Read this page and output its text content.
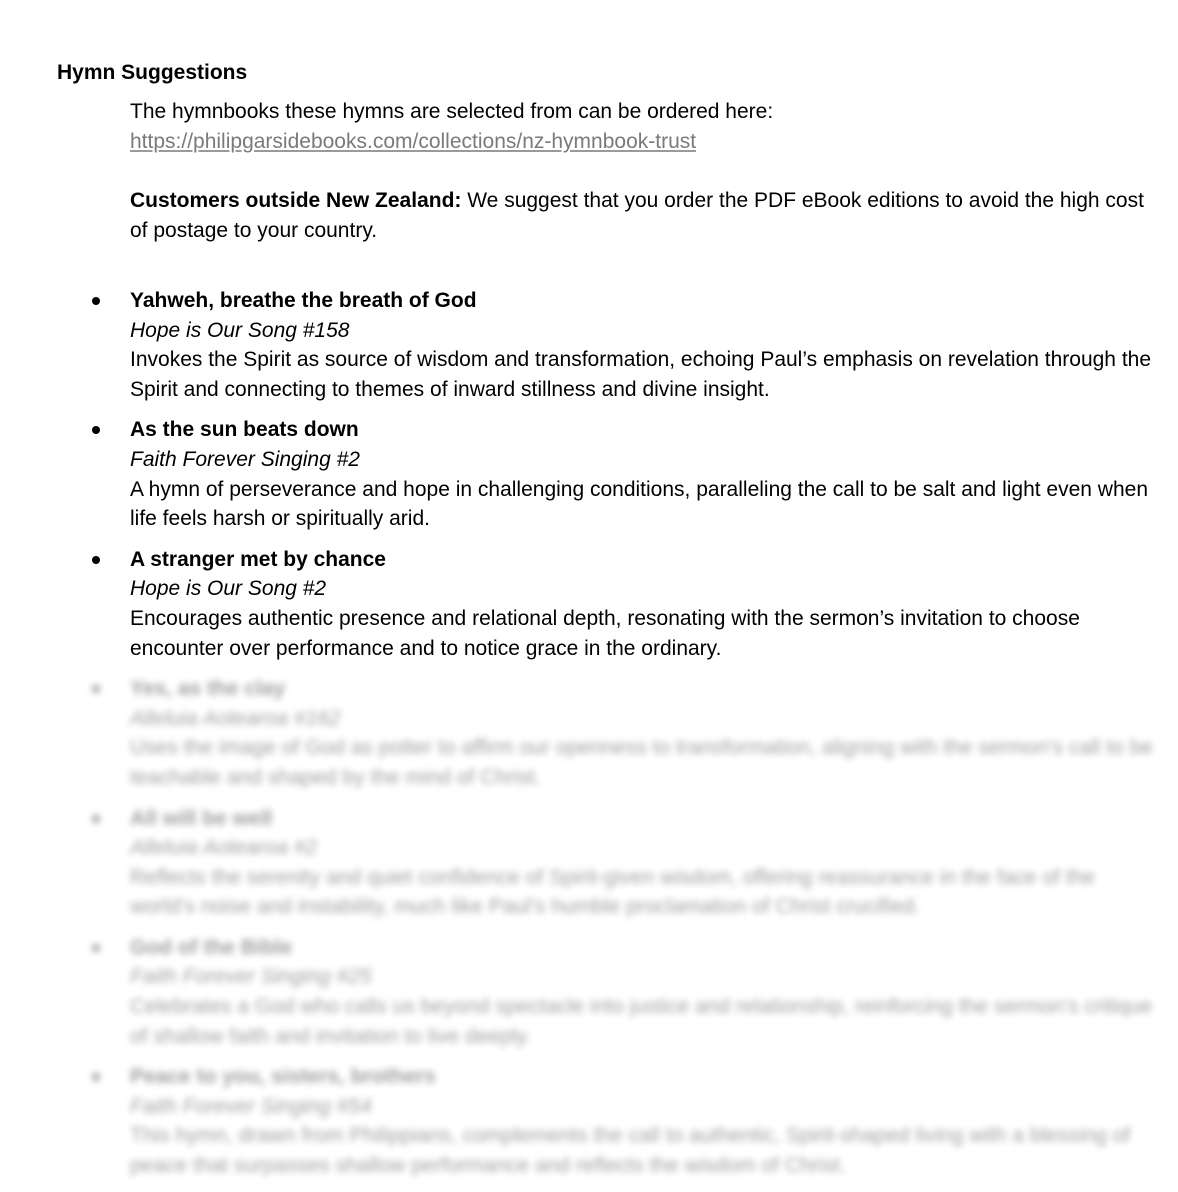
Hymn Suggestions

The hymnbooks these hymns are selected from can be ordered here:

https://philipgarsidebooks.com/collections/nz-hymnbook-trust

Customers outside New Zealand: We suggest that you order the PDF eBook editions to avoid the high cost of postage to your country.

Yahweh, breathe the breath of God
Hope is Our Song #158
Invokes the Spirit as source of wisdom and transformation, echoing Paul’s emphasis on revelation through the Spirit and connecting to themes of inward stillness and divine insight.
As the sun beats down
Faith Forever Singing #2
A hymn of perseverance and hope in challenging conditions, paralleling the call to be salt and light even when life feels harsh or spiritually arid.
A stranger met by chance
Hope is Our Song #2
Encourages authentic presence and relational depth, resonating with the sermon’s invitation to choose encounter over performance and to notice grace in the ordinary.
Yes, as the clay
Alleluia Aotearoa #162
Uses the image of God as potter to affirm our openness to transformation, aligning with the sermon’s call to be teachable and shaped by the mind of Christ.
All will be well
Alleluia Aotearoa #2
Reflects the serenity and quiet confidence of Spirit-given wisdom, offering reassurance in the face of the world’s noise and instability, much like Paul’s humble proclamation of Christ crucified.
God of the Bible
Faith Forever Singing #25
Celebrates a God who calls us beyond spectacle into justice and relationship, reinforcing the sermon’s critique of shallow faith and invitation to live deeply.
Peace to you, sisters, brothers
Faith Forever Singing #54
This hymn, drawn from Philippians, complements the call to authentic, Spirit-shaped living with a blessing of peace that surpasses shallow performance and reflects the wisdom of Christ.
